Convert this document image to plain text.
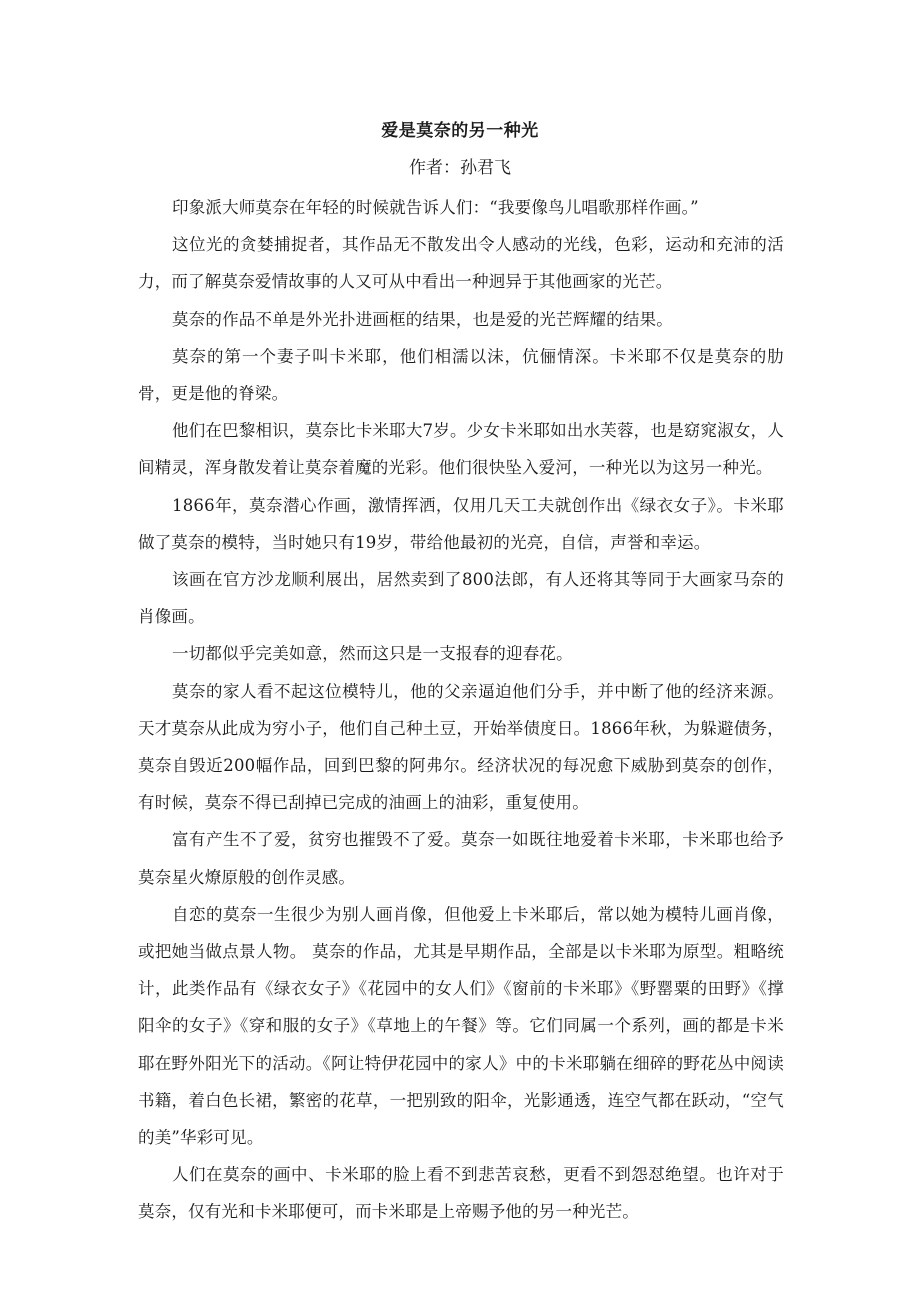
爱是莫奈的另一种光
作者：孙君飞

印象派大师莫奈在年轻的时候就告诉人们：“我要像鸟儿唱歌那样作画。”

这位光的贪婪捕捉者，其作品无不散发出令人感动的光线，色彩，运动和充沛的活力，而了解莫奈爱情故事的人又可从中看出一种迥异于其他画家的光芒。

莫奈的作品不单是外光扑进画框的结果，也是爱的光芒辉耀的结果。

莫奈的第一个妻子叫卡米耶，他们相濡以沫，伉俪情深。卡米耶不仅是莫奈的肋骨，更是他的脊梁。

他们在巴黎相识，莫奈比卡米耶大7岁。少女卡米耶如出水芙蓉，也是窈窕淑女，人间精灵，浑身散发着让莫奈着魔的光彩。他们很快坠入爱河，一种光以为这另一种光。

1866年，莫奈潜心作画，激情挥洒，仅用几天工夫就创作出《绿衣女子》。卡米耶做了莫奈的模特，当时她只有19岁，带给他最初的光亮，自信，声誉和幸运。

该画在官方沙龙顺利展出，居然卖到了800法郎，有人还将其等同于大画家马奈的肖像画。

一切都似乎完美如意，然而这只是一支报春的迎春花。

莫奈的家人看不起这位模特儿，他的父亲逼迫他们分手，并中断了他的经济来源。天才莫奈从此成为穷小子，他们自己种土豆，开始举债度日。1866年秋，为躲避债务，莫奈自毁近200幅作品，回到巴黎的阿弗尔。经济状况的每况愈下威胁到莫奈的创作，有时候，莫奈不得已刮掉已完成的油画上的油彩，重复使用。

富有产生不了爱，贫穷也摧毁不了爱。莫奈一如既往地爱着卡米耶，卡米耶也给予莫奈星火燎原般的创作灵感。

自恋的莫奈一生很少为别人画肖像，但他爱上卡米耶后，常以她为模特儿画肖像，或把她当做点景人物。 莫奈的作品，尤其是早期作品，全部是以卡米耶为原型。粗略统计，此类作品有《绿衣女子》《花园中的女人们》《窗前的卡米耶》《野罂粟的田野》《撑阳伞的女子》《穿和服的女子》《草地上的午餐》等。它们同属一个系列，画的都是卡米耶在野外阳光下的活动。《阿让特伊花园中的家人》中的卡米耶躺在细碎的野花丛中阅读书籍，着白色长裙，繁密的花草，一把别致的阳伞，光影通透，连空气都在跃动，“空气的美”华彩可见。

人们在莫奈的画中、卡米耶的脸上看不到悲苦哀愁，更看不到怨怼绝望。也许对于莫奈，仅有光和卡米耶便可，而卡米耶是上帝赐予他的另一种光芒。
